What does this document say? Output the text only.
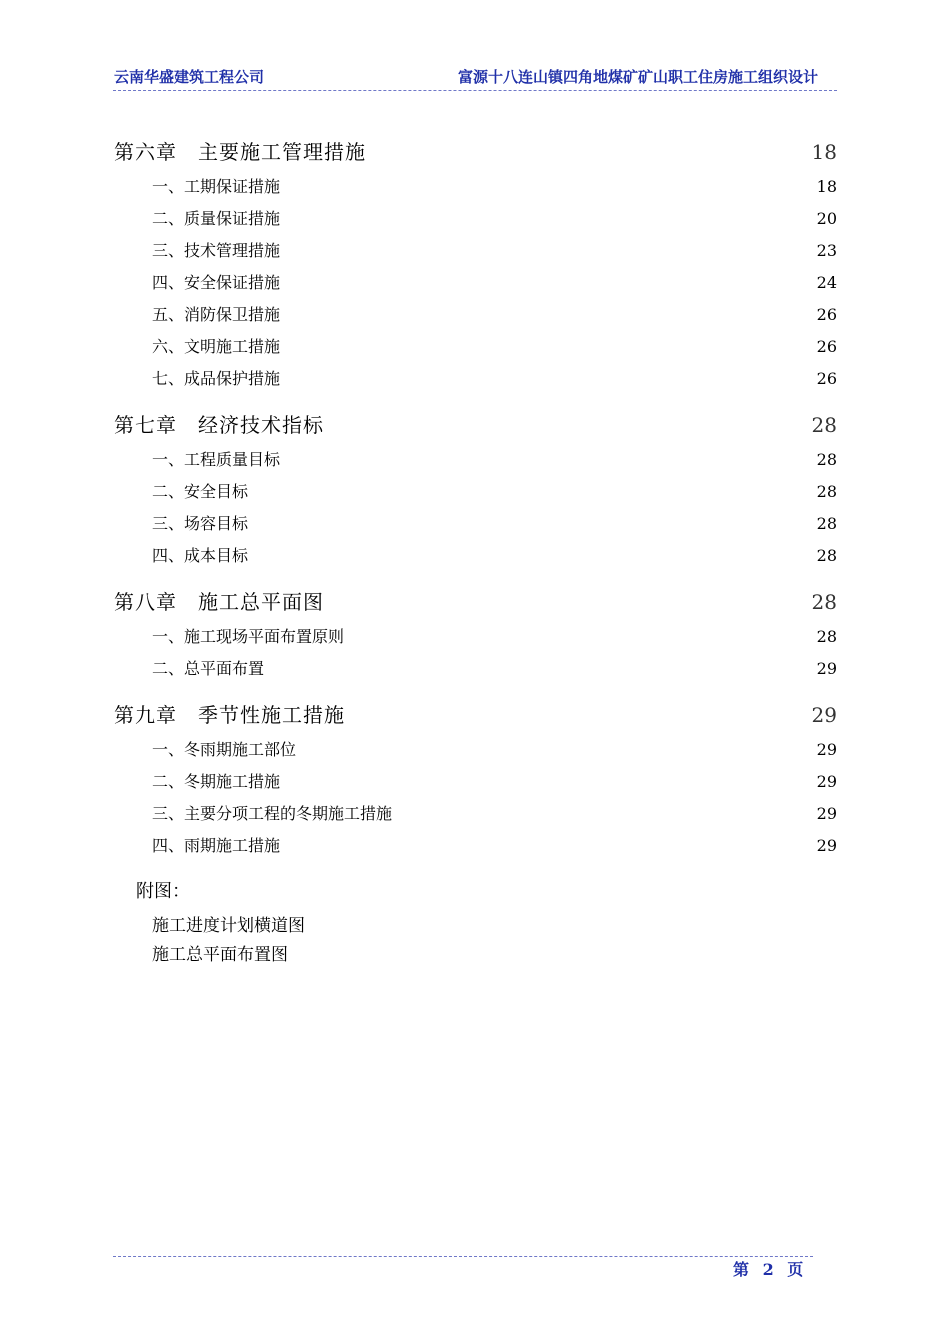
云南华盛建筑工程公司	富源十八连山镇四角地煤矿矿山职工住房施工组织设计
第六章　主要施工管理措施	18
一、工期保证措施	18
二、质量保证措施	20
三、技术管理措施	23
四、安全保证措施	24
五、消防保卫措施	26
六、文明施工措施	26
七、成品保护措施	26
第七章　经济技术指标	28
一、工程质量目标	28
二、安全目标	28
三、场容目标	28
四、成本目标	28
第八章　施工总平面图	28
一、施工现场平面布置原则	28
二、总平面布置	29
第九章　季节性施工措施	29
一、冬雨期施工部位	29
二、冬期施工措施	29
三、主要分项工程的冬期施工措施	29
四、雨期施工措施	29
附图：
施工进度计划横道图
施工总平面布置图
第 2 页
